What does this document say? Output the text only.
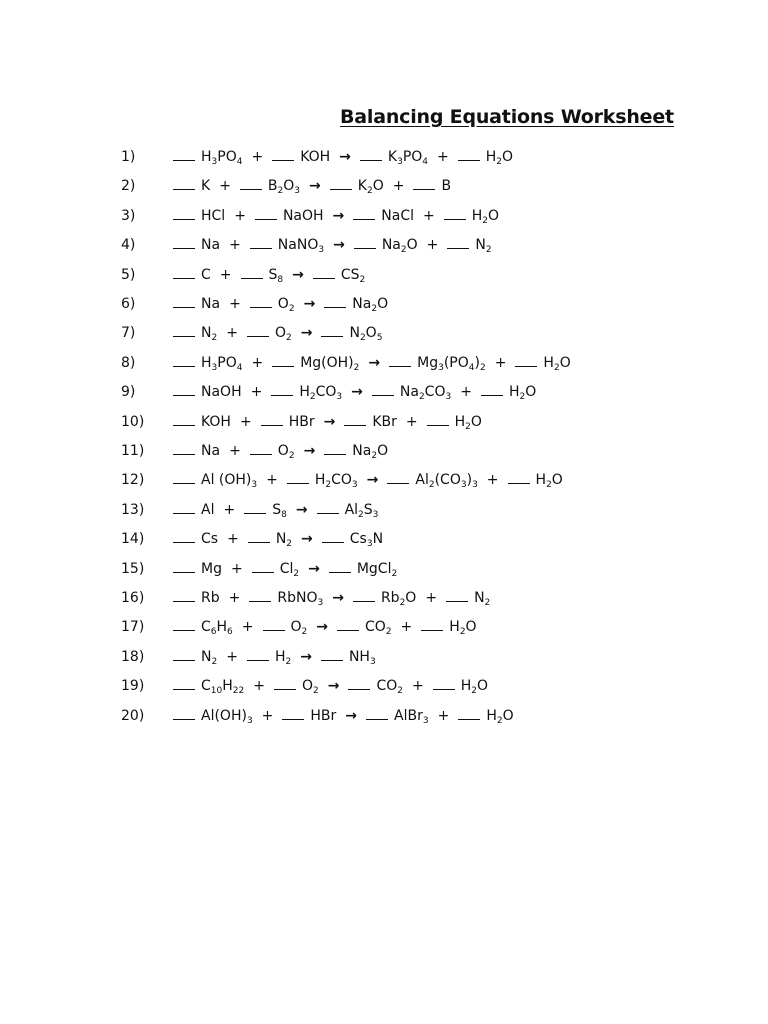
Balancing Equations Worksheet
1)	$H_3PO_4$ +	KOH →	$K_3PO_4$ +	$H_2O$
2)	K +	$B_2O_3$ →	$K_2O$ +	B
3)	HCl +	NaOH →	NaCl +	$H_2O$
4)	Na +	NaNO$_3$ →	$Na_2O$ +	$N_2$
5)	C +	$S_8$ →	$CS_2$
6)	Na +	$O_2$ →	$Na_2O$
7)	$N_2$ +	$O_2$ →	$N_2O_5$
8)	$H_3PO_4$ +	$Mg(OH)_2$ →	$Mg_3(PO_4)_2$ +	$H_2O$
9)	NaOH +	$H_2CO_3$ →	$Na_2CO_3$ +	$H_2O$
10)	KOH +	HBr →	KBr +	$H_2O$
11)	Na +	$O_2$ →	$Na_2O$
12)	Al $(OH)_3$ +	$H_2CO_3$ →	$Al_2(CO_3)_3$ +	$H_2O$
13)	Al +	$S_8$ →	$Al_2S_3$
14)	Cs +	$N_2$ →	$Cs_3N$
15)	Mg +	$Cl_2$ →	MgCl$_2$
16)	Rb +	RbNO$_3$ →	$Rb_2O$ +	$N_2$
17)	$C_6H_6$ +	$O_2$ →	$CO_2$ +	$H_2O$
18)	$N_2$ +	$H_2$ →	$NH_3$
19)	$C_{10}H_{22}$ +	$O_2$ →	$CO_2$ +	$H_2O$
20)	$Al(OH)_3$ +	HBr →	AlBr$_3$ +	$H_2O$
